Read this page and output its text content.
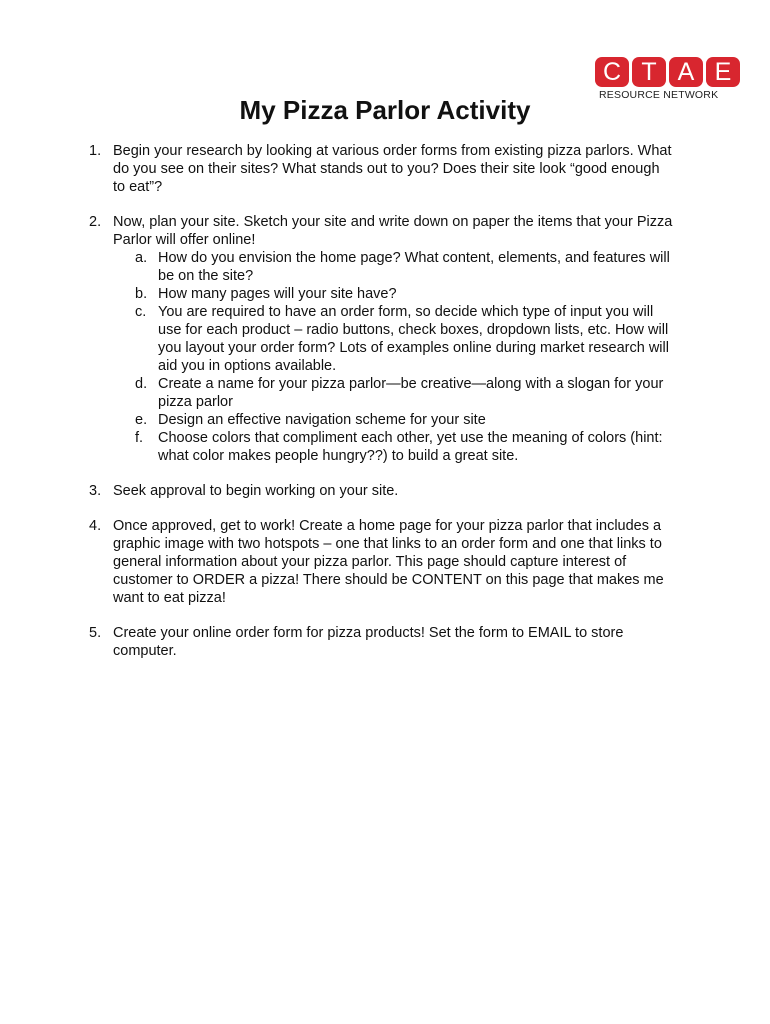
C T A E
RESOURCE NETWORK
My Pizza Parlor Activity
1. Begin your research by looking at various order forms from existing pizza parlors. What do you see on their sites? What stands out to you? Does their site look “good enough to eat”?
2. Now, plan your site. Sketch your site and write down on paper the items that your Pizza Parlor will offer online!
a. How do you envision the home page? What content, elements, and features will be on the site?
b. How many pages will your site have?
c. You are required to have an order form, so decide which type of input you will use for each product – radio buttons, check boxes, dropdown lists, etc. How will you layout your order form? Lots of examples online during market research will aid you in options available.
d. Create a name for your pizza parlor—be creative—along with a slogan for your pizza parlor
e. Design an effective navigation scheme for your site
f. Choose colors that compliment each other, yet use the meaning of colors (hint: what color makes people hungry??) to build a great site.
3. Seek approval to begin working on your site.
4. Once approved, get to work! Create a home page for your pizza parlor that includes a graphic image with two hotspots – one that links to an order form and one that links to general information about your pizza parlor. This page should capture interest of customer to ORDER a pizza! There should be CONTENT on this page that makes me want to eat pizza!
5. Create your online order form for pizza products! Set the form to EMAIL to store computer.
